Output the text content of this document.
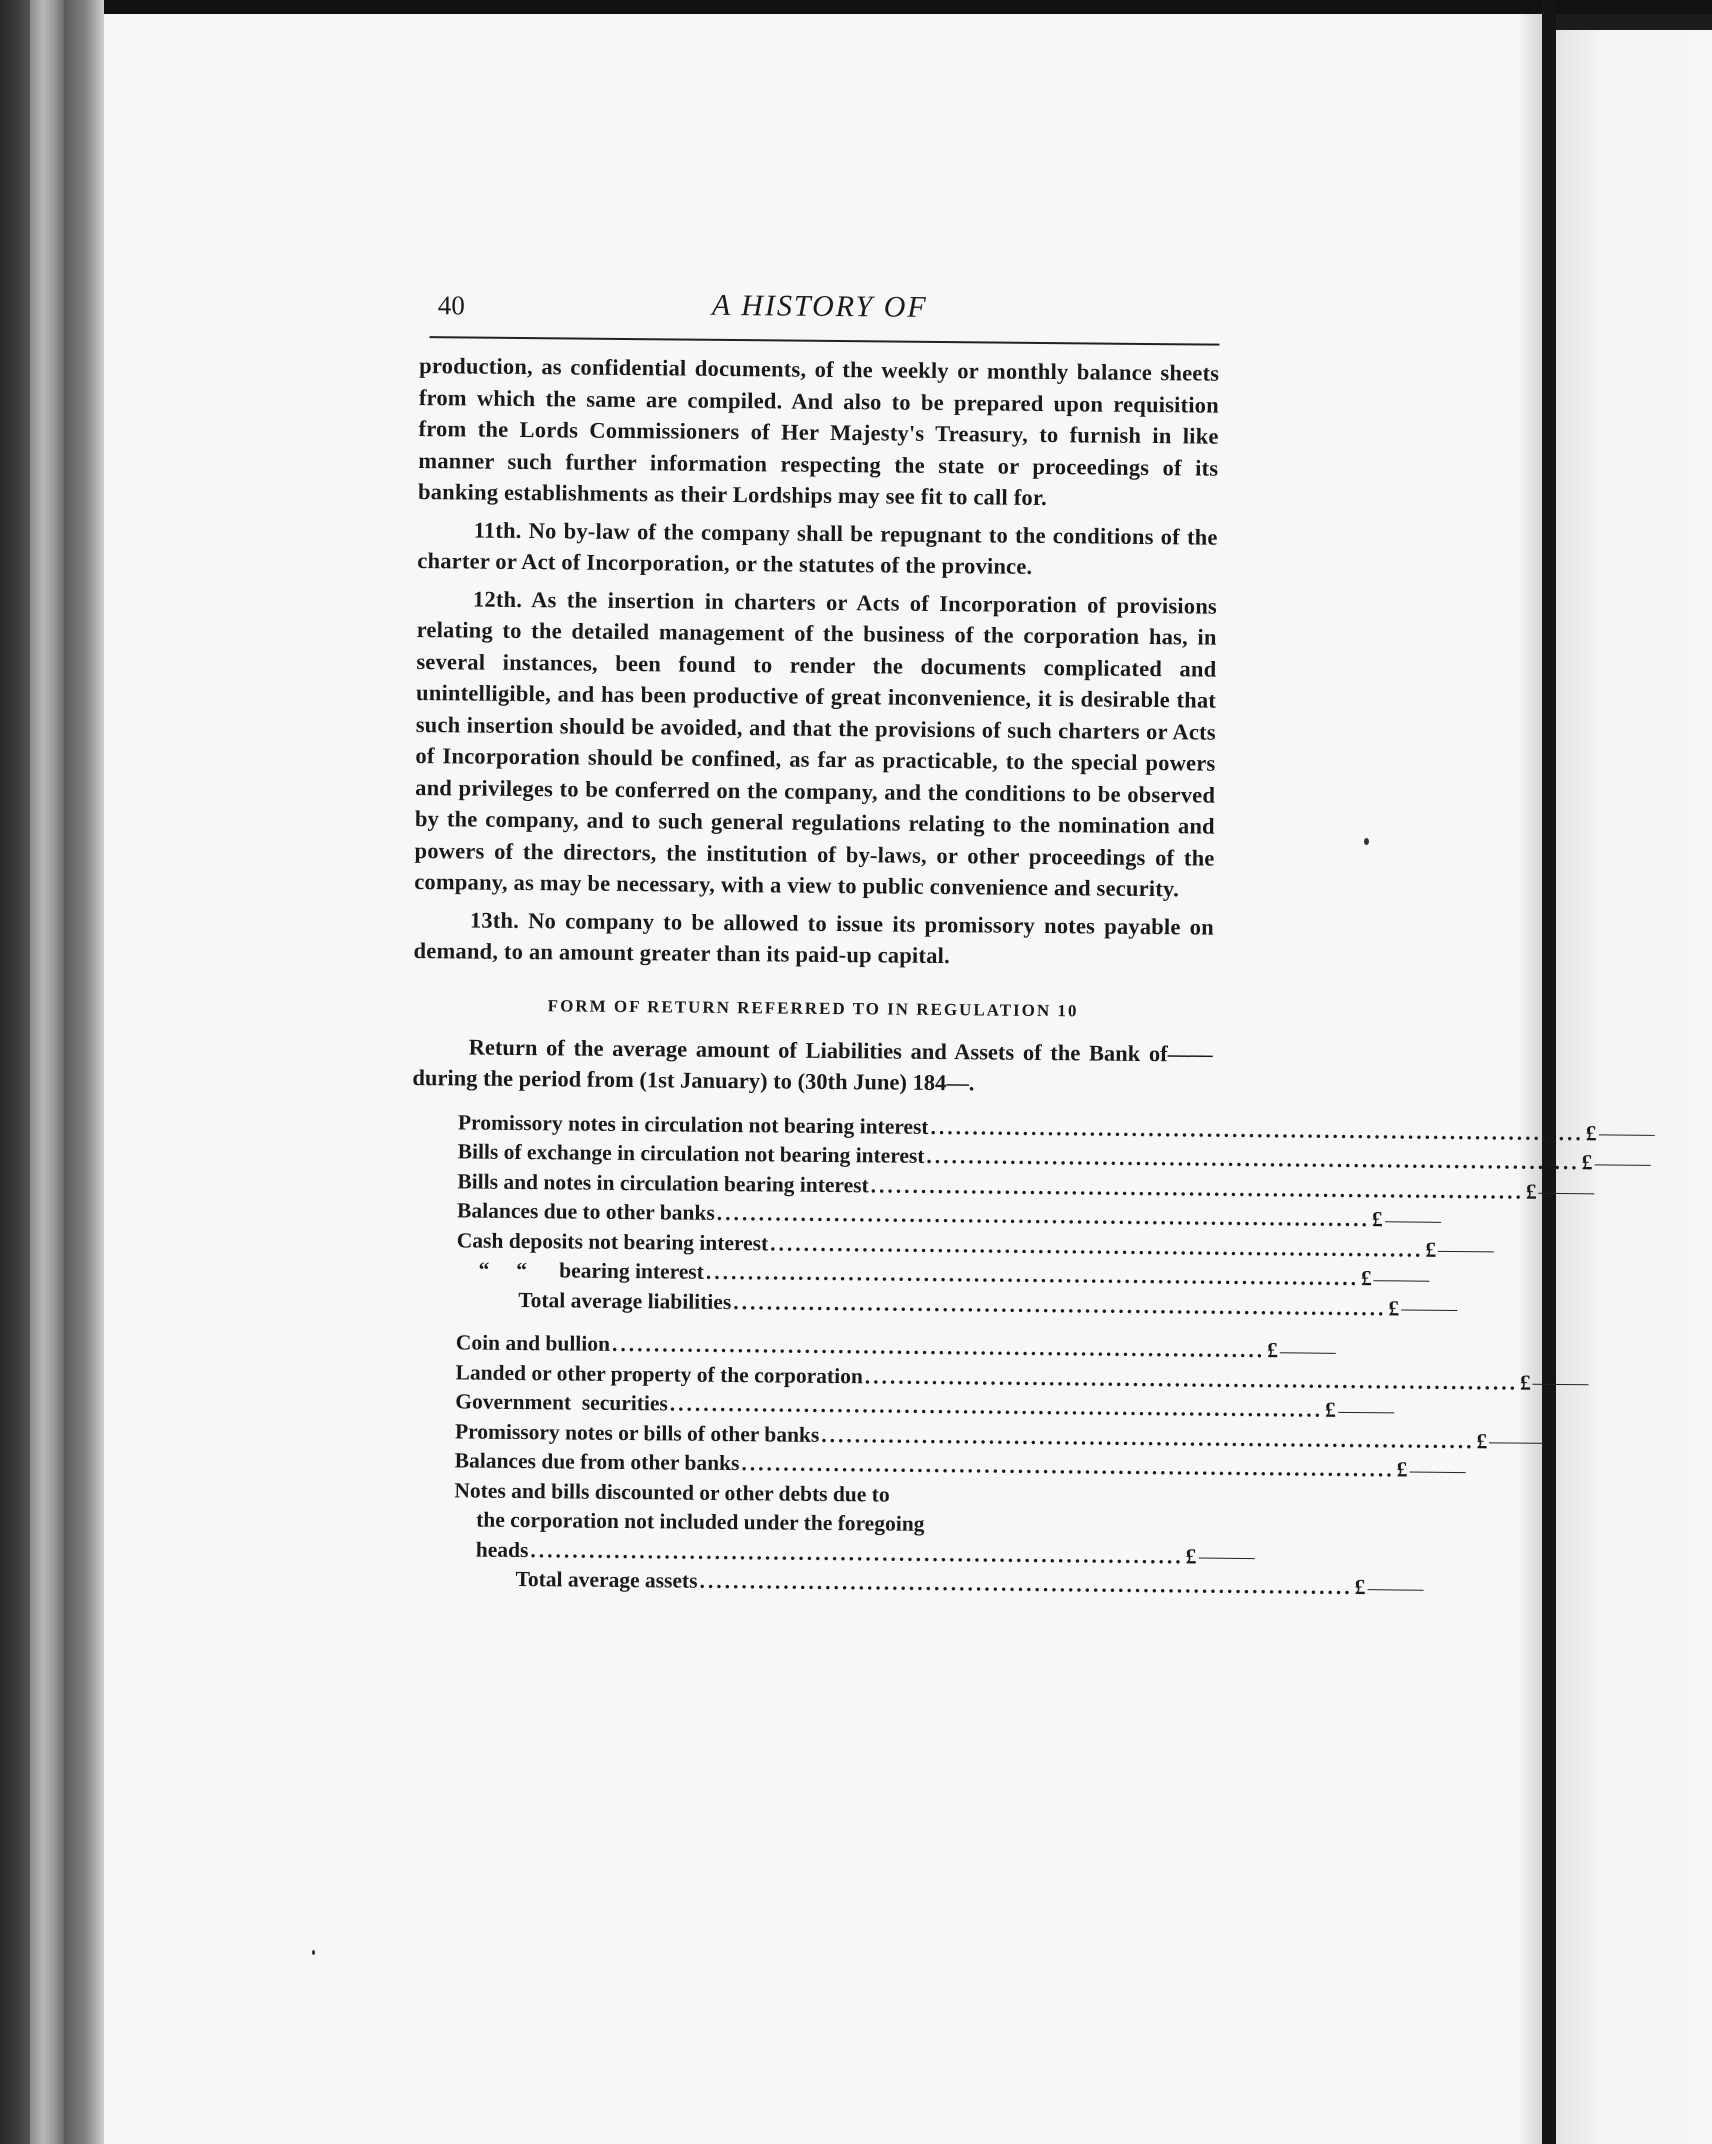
40	A HISTORY OF

production, as confidential documents, of the weekly or monthly balance sheets from which the same are compiled. And also to be prepared upon requisition from the Lords Commissioners of Her Majesty's Treasury, to furnish in like manner such further information respecting the state or proceedings of its banking establishments as their Lordships may see fit to call for.

11th. No by-law of the company shall be repugnant to the conditions of the charter or Act of Incorporation, or the statutes of the province.

12th. As the insertion in charters or Acts of Incorporation of provisions relating to the detailed management of the business of the corporation has, in several instances, been found to render the documents complicated and unintelligible, and has been productive of great inconvenience, it is desirable that such insertion should be avoided, and that the provisions of such charters or Acts of Incorporation should be confined, as far as practicable, to the special powers and privileges to be conferred on the company, and the conditions to be observed by the company, and to such general regulations relating to the nomination and powers of the directors, the institution of by-laws, or other proceedings of the company, as may be necessary, with a view to public convenience and security.

13th. No company to be allowed to issue its promissory notes payable on demand, to an amount greater than its paid-up capital.

FORM OF RETURN REFERRED TO IN REGULATION 10

Return of the average amount of Liabilities and Assets of the Bank of——during the period from (1st January) to (30th June) 184—.

Promissory notes in circulation not bearing interest .............................................................................. £
Bills of exchange in circulation not bearing interest .............................................................................. £
Bills and notes in circulation bearing interest .............................................................................. £
Balances due to other banks .............................................................................. £
Cash deposits not bearing interest .............................................................................. £
“     “ bearing interest .............................................................................. £
Total average liabilities .............................................................................. £
Coin and bullion .............................................................................. £
Landed or other property of the corporation .............................................................................. £
Government  securities .............................................................................. £
Promissory notes or bills of other banks .............................................................................. £
Balances due from other banks .............................................................................. £
Notes and bills discounted or other debts due to
the corporation not included under the foregoing
heads .............................................................................. £
Total average assets .............................................................................. £
